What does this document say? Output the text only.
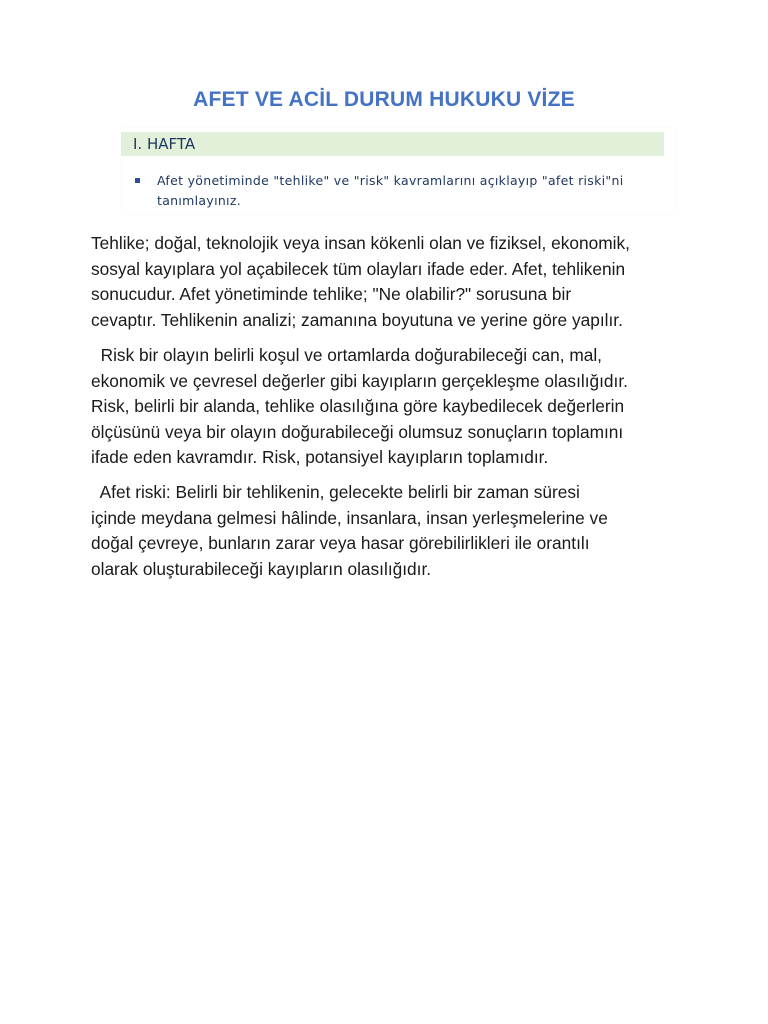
AFET VE ACİL DURUM HUKUKU VİZE
I. HAFTA
Afet yönetiminde "tehlike" ve "risk" kavramlarını açıklayıp "afet riski"ni
tanımlayınız.
Tehlike; doğal, teknolojik veya insan kökenli olan ve fiziksel, ekonomik,
sosyal kayıplara yol açabilecek tüm olayları ifade eder. Afet, tehlikenin
sonucudur. Afet yönetiminde tehlike; "Ne olabilir?" sorusuna bir
cevaptır. Tehlikenin analizi; zamanına boyutuna ve yerine göre yapılır.
Risk bir olayın belirli koşul ve ortamlarda doğurabileceği can, mal,
ekonomik ve çevresel değerler gibi kayıpların gerçekleşme olasılığıdır.
Risk, belirli bir alanda, tehlike olasılığına göre kaybedilecek değerlerin
ölçüsünü veya bir olayın doğurabileceği olumsuz sonuçların toplamını
ifade eden kavramdır. Risk, potansiyel kayıpların toplamıdır.
Afet riski: Belirli bir tehlikenin, gelecekte belirli bir zaman süresi
içinde meydana gelmesi hâlinde, insanlara, insan yerleşmelerine ve
doğal çevreye, bunların zarar veya hasar görebilirlikleri ile orantılı
olarak oluşturabileceği kayıpların olasılığıdır.
